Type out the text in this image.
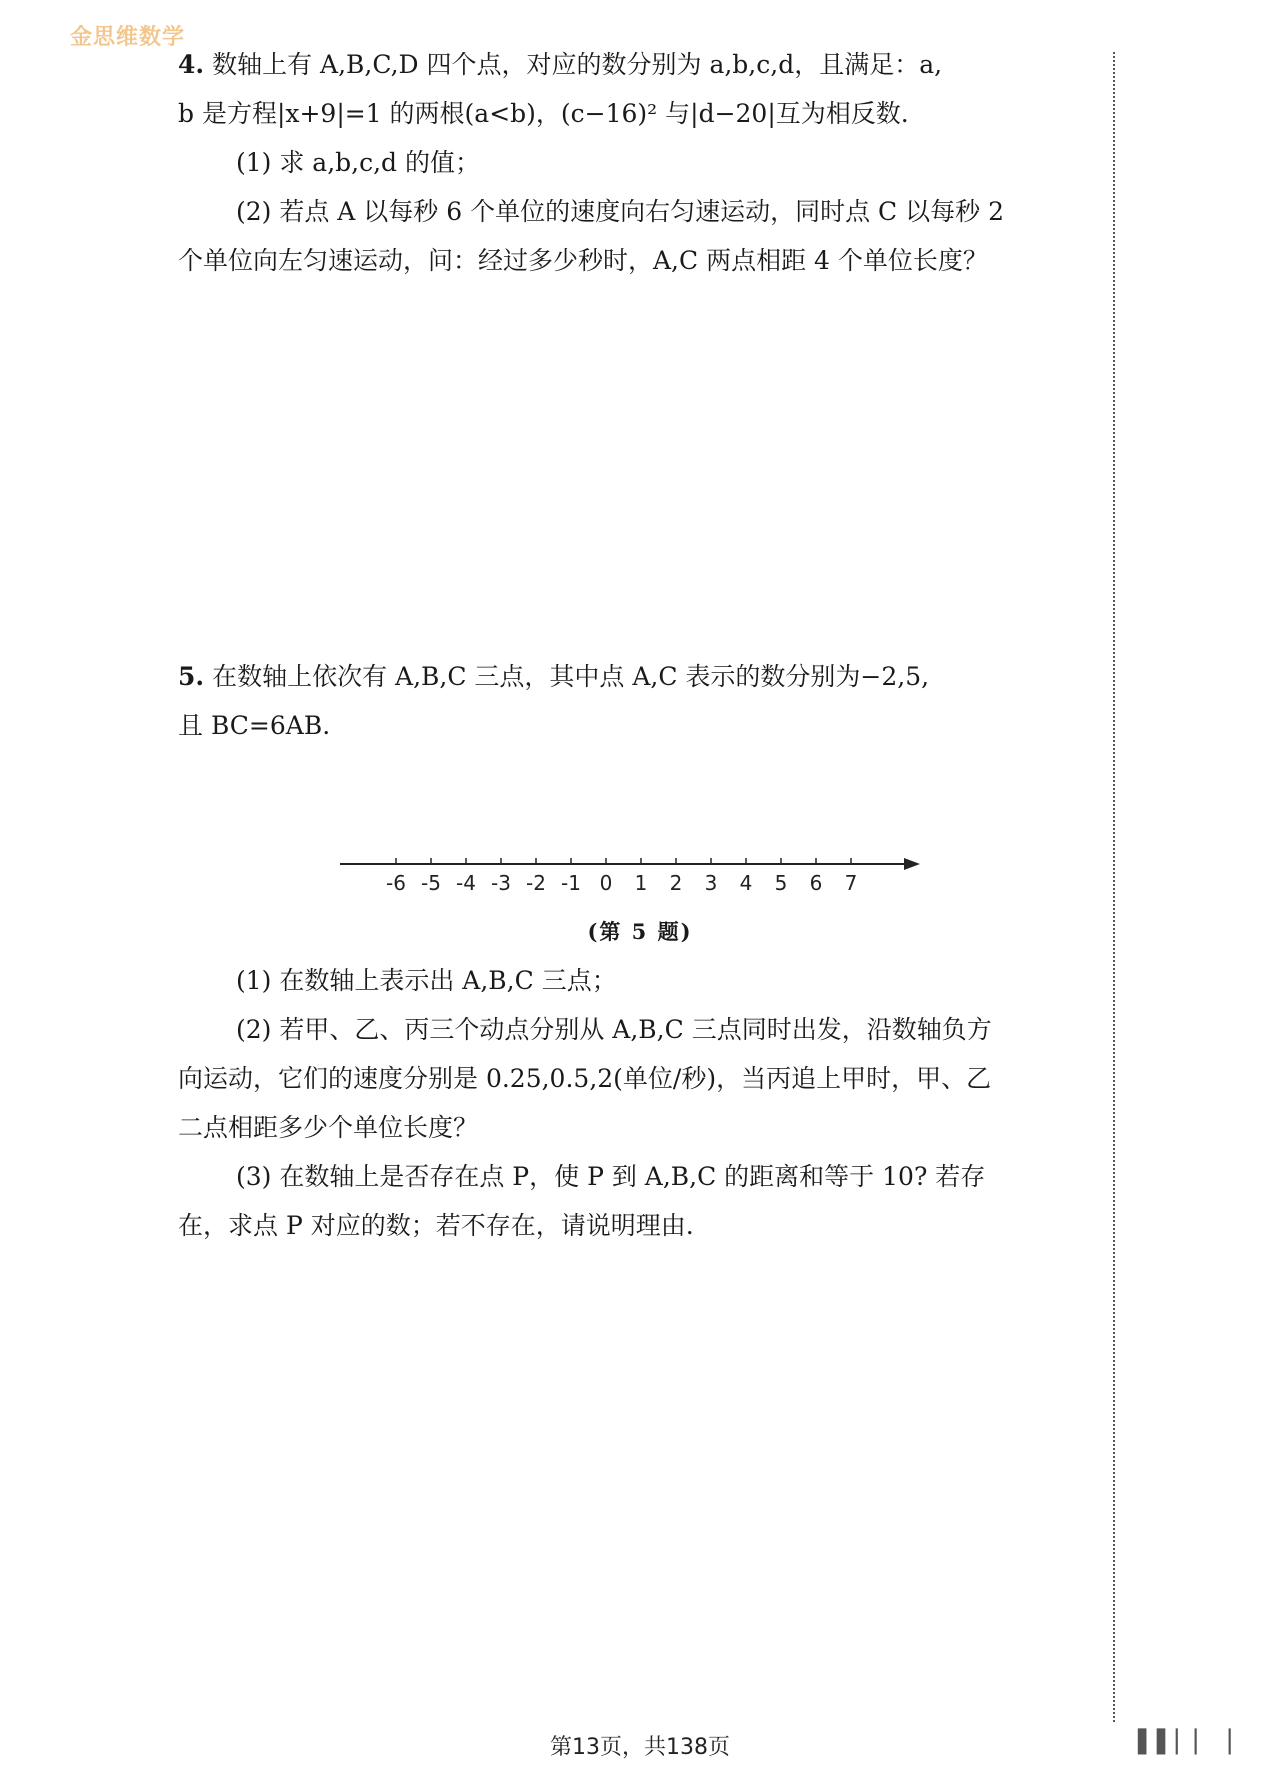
金思维数学
4. 数轴上有 A,B,C,D 四个点，对应的数分别为 a,b,c,d，且满足：a,
b 是方程|x+9|=1 的两根(a<b)，(c−16)² 与|d−20|互为相反数.
(1) 求 a,b,c,d 的值；
(2) 若点 A 以每秒 6 个单位的速度向右匀速运动，同时点 C 以每秒 2
个单位向左匀速运动，问：经过多少秒时，A,C 两点相距 4 个单位长度？
5. 在数轴上依次有 A,B,C 三点，其中点 A,C 表示的数分别为−2,5,
且 BC=6AB.
-6 -5 -4 -3 -2 -1 0 1 2 3 4 5 6 7
(第 5 题)
(1) 在数轴上表示出 A,B,C 三点；
(2) 若甲、乙、丙三个动点分别从 A,B,C 三点同时出发，沿数轴负方
向运动，它们的速度分别是 0.25,0.5,2(单位/秒)，当丙追上甲时，甲、乙
二点相距多少个单位长度？
(3) 在数轴上是否存在点 P，使 P 到 A,B,C 的距离和等于 10? 若存
在，求点 P 对应的数；若不存在，请说明理由.
第13页，共138页	▌▌▏▏▕
